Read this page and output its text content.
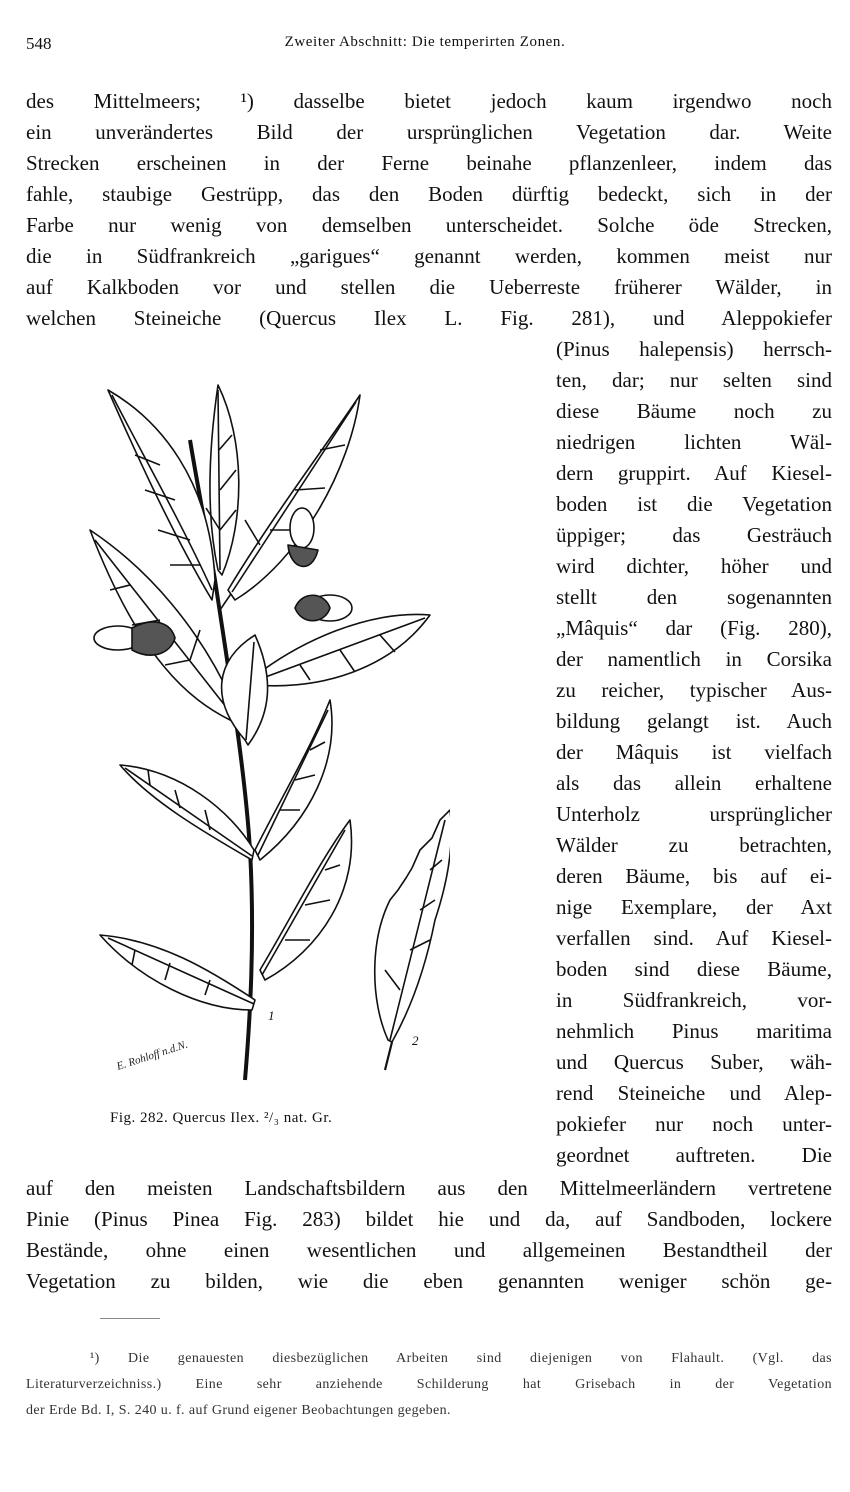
548	Zweiter Abschnitt: Die temperirten Zonen.
des Mittelmeers; ¹) dasselbe bietet jedoch kaum irgendwo noch
ein unverändertes Bild der ursprünglichen Vegetation dar. Weite
Strecken erscheinen in der Ferne beinahe pflanzenleer, indem das
fahle, staubige Gestrüpp, das den Boden dürftig bedeckt, sich in der
Farbe nur wenig von demselben unterscheidet. Solche öde Strecken,
die in Südfrankreich „garigues“ genannt werden, kommen meist nur
auf Kalkboden vor und stellen die Ueberreste früherer Wälder, in
welchen Steineiche (Quercus Ilex L. Fig. 281), und Aleppokiefer
(Pinus halepensis) herrsch-
ten, dar; nur selten sind
diese Bäume noch zu
niedrigen lichten Wäl-
dern gruppirt. Auf Kiesel-
boden ist die Vegetation
üppiger; das Gesträuch
wird dichter, höher und
stellt den sogenannten
„Mâquis“ dar (Fig. 280),
der namentlich in Corsika
zu reicher, typischer Aus-
bildung gelangt ist. Auch
der Mâquis ist vielfach
als das allein erhaltene
Unterholz ursprünglicher
Wälder zu betrachten,
deren Bäume, bis auf ei-
nige Exemplare, der Axt
verfallen sind. Auf Kiesel-
boden sind diese Bäume,
in Südfrankreich, vor-
nehmlich Pinus maritima
und Quercus Suber, wäh-
rend Steineiche und Alep-
pokiefer nur noch unter-
geordnet auftreten. Die
auf den meisten Landschaftsbildern aus den Mittelmeerländern vertretene
Pinie (Pinus Pinea Fig. 283) bildet hie und da, auf Sandboden, lockere
Bestände, ohne einen wesentlichen und allgemeinen Bestandtheil der
Vegetation zu bilden, wie die eben genannten weniger schön ge-
1
2
E. Rohloff n.d.N.
Fig. 282. Quercus Ilex. ²/₃ nat. Gr.
¹) Die genauesten diesbezüglichen Arbeiten sind diejenigen von Flahault. (Vgl. das
Literaturverzeichniss.) Eine sehr anziehende Schilderung hat Grisebach in der Vegetation
der Erde Bd. I, S. 240 u. f. auf Grund eigener Beobachtungen gegeben.
